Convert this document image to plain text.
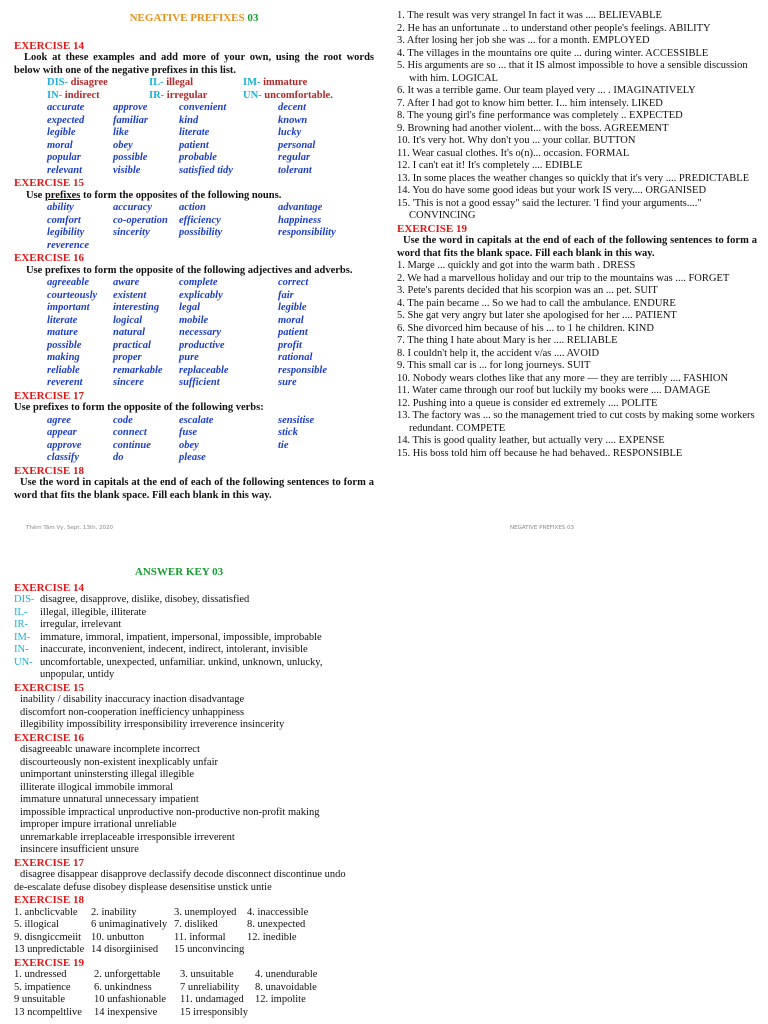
NEGATIVE PREFIXES 03
EXERCISE 14
Look at these examples and add more of your own, using the root words below with one of the negative prefixes in this list.
DIS- disagree	IL- illegal	IM- immature
IN- indirect	IR- irregular	UN- uncomfortable.
accurate	approve	convenient	decent
expected	familiar	kind	known
legible	like	literate	lucky
moral	obey	patient	personal
popular	possible	probable	regular
relevant	visible	satisfied tidy	tolerant
EXERCISE 15
Use prefixes to form the opposites of the following nouns.
ability	accuracy	action	advantage
comfort	co-operation	efficiency	happiness
legibility	sincerity	possibility	responsibility
reverence
EXERCISE 16
Use prefixes to form the opposite of the following adjectives and adverbs.
agreeable	aware	complete	correct
courteously	existent	explicably	fair
important	interesting	legal	legible
literate	logical	mobile	moral
mature	natural	necessary	patient
possible	practical	productive	profit
making	proper	pure	rational
reliable	remarkable	replaceable	responsible
reverent	sincere	sufficient	sure
EXERCISE 17
Use prefixes to form the opposite of the following verbs:
agree	code	escalate	sensitise
appear	connect	fuse	stick
approve	continue	obey	tie
classify	do	please
EXERCISE 18
Use the word in capitals at the end of each of the following sentences to form a word that fits the blank space. Fill each blank in this way.
Thêm Tâm Vy, Sept. 13th, 2020	NEGATIVE PREFIXES 03
1. The result was very strangel In fact it was .... BELIEVABLE
2. He has an unfortunate .. to understand other people's feelings. ABILITY
3. After losing her job she was ... for a month. EMPLOYED
4. The villages in the mountains ore quite ... during winter. ACCESSIBLE
5. His arguments are so ... that it IS almost impossible to hove a sensible discussion with him. LOGICAL
6. It was a terrible game. Our team played very ... . IMAGINATIVELY
7. After I had got to know him better. I... him intensely. LIKED
8. The young girl's fine performance was completely .. EXPECTED
9. Browning had another violent... with the boss. AGREEMENT
10. It's very hot. Why don't you ... your collar. BUTTON
11. Wear casual clothes. It's o(n)... occasion. FORMAL
12. I can't eat it! It's completely .... EDIBLE
13. In some places the weather changes so quickly that it's very .... PREDICTABLE
14. You do have some good ideas but your work IS very.... ORGANISED
15. 'This is not a good essay" said the lecturer. 'I find your arguments...." CONVINCING
EXERCISE 19
Use the word in capitals at the end of each of the following sentences to form a word that fits the blank space. Fill each blank in this way.
1. Marge ... quickly and got into the warm bath . DRESS
2. We had a marvellous holiday and our trip to the mountains was .... FORGET
3. Pete's parents decided that his scorpion was an ... pet. SUIT
4. The pain became ... So we had to call the ambulance. ENDURE
5. She gat very angry but later she apologised for her .... PATIENT
6. She divorced him because of his ... to 1 he children. KIND
7. The thing I hate about Mary is her .... RELIABLE
8. I couldn't help it, the accident v/as .... AVOID
9. This small car is ... for long journeys. SUIT
10. Nobody wears clothes like that any more — they are terribly .... FASHION
11. Water came through our roof but luckily my books were .... DAMAGE
12. Pushing into a queue is consider ed extremely .... POLITE
13. The factory was ... so the management tried to cut costs by making some workers redundant. COMPETE
14. This is good quality leather, but actually very .... EXPENSE
15. His boss told him off because he had behaved.. RESPONSIBLE
ANSWER KEY 03
EXERCISE 14
DIS- disagree, disapprove, dislike, disobey, dissatisfied
IL-	illegal, illegible, illiterate
IR-	irregular, irrelevant
IM- immature, immoral, impatient, impersonal, impossible, improbable
IN-	inaccurate, inconvenient, indecent, indirect, intolerant, invisible
UN- uncomfortable, unexpected, unfamiliar. unkind, unknown, unlucky,
unpopular, untidy
EXERCISE 15
inability / disability inaccuracy inaction disadvantage
discomfort non-cooperation inefficiency unhappiness
illegibility impossibility irresponsibility irreverence insincerity
EXERCISE 16
disagreeablc unaware incomplete incorrect
discourteously non-existent inexplicably unfair
unimportant uninstersting illegal illegible
illiterate illogical immobile immoral
immature unnatural unnecessary impatient
impossible impractical unproductive non-productive non-profit making
improper impure irrational unreliable
unremarkable irreplaceable irresponsible irreverent
insincere insufficient unsure
EXERCISE 17
disagree disappear disapprove declassify decode disconnect discontinue undo
de-escalate defuse disobey displease desensitise unstick untie
EXERCISE 18
1. anbclicvable	2. inability	3. unemployed	4. inaccessible
5. illogical	6 unimaginatively 7. disliked	8. unexpected
9. disngiccmeiit 10. unbutton	11. informal	12. inedible
13 unpredictable 14 disorgiinised	15 unconvincing
EXERCISE 19
1. undressed	2. unforgettable	3. unsuitable	4. unendurable
5. impatience	6. unkindness	7 unreliability	8. unavoidable
9 unsuitable	10 unfashionable	11. undamaged	12. impolite
13 ncompeltlive	14 inexpensive	15 irresponsibly
